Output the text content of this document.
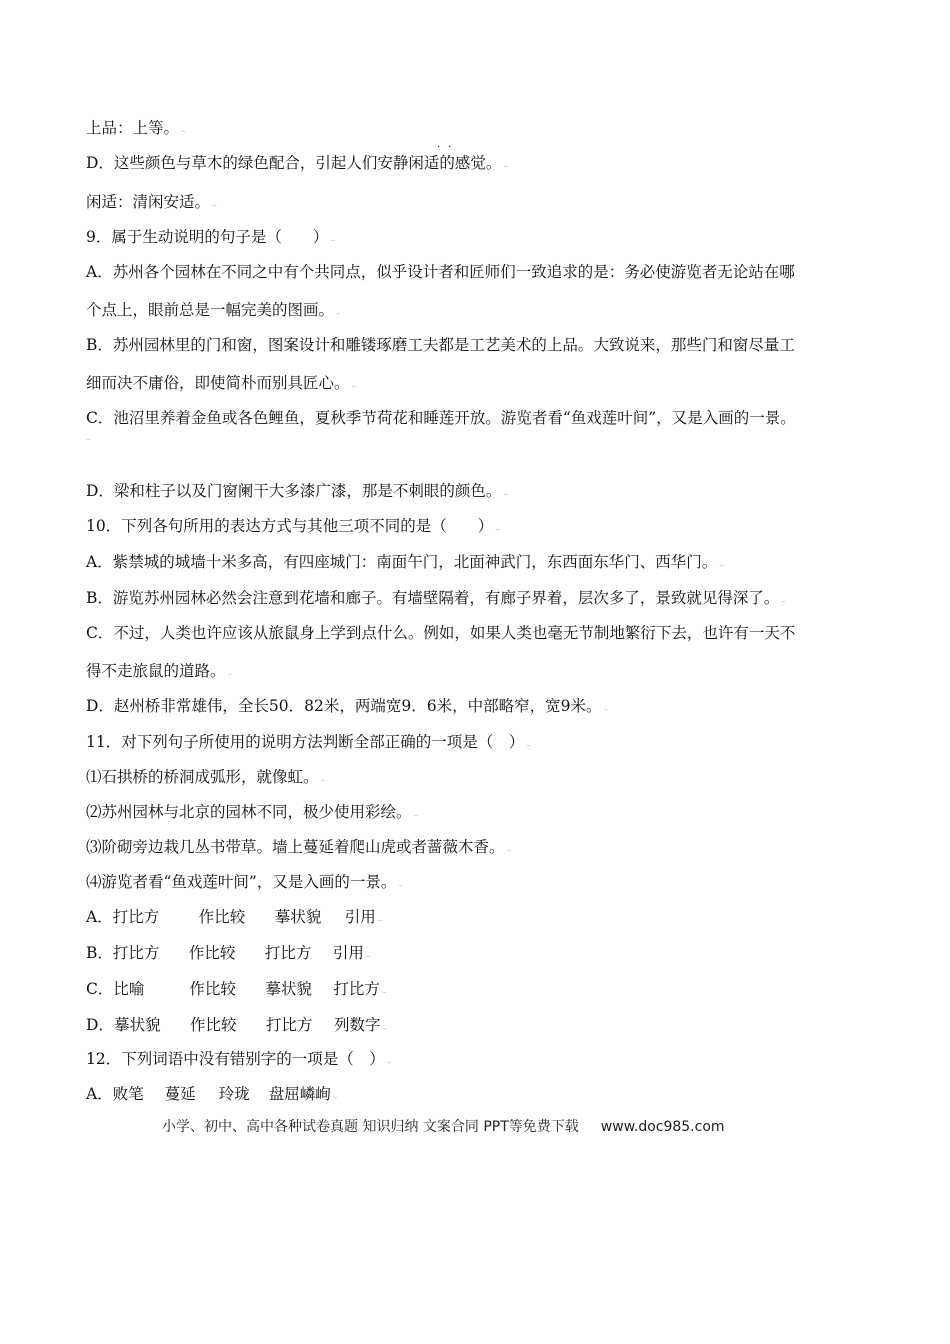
上品：上等。 ₋
··
D．这些颜色与草木的绿色配合，引起人们安静闲适的感觉。 ₋
闲适：清闲安适。 ₋
9．属于生动说明的句子是（　　） ₋
A．苏州各个园林在不同之中有个共同点，似乎设计者和匠师们一致追求的是：务必使游览者无论站在哪
个点上，眼前总是一幅完美的图画。 ₋
B．苏州园林里的门和窗，图案设计和雕镂琢磨工夫都是工艺美术的上品。大致说来，那些门和窗尽量工
细而决不庸俗，即使简朴而别具匠心。 ₋
C．池沼里养着金鱼或各色鲤鱼，夏秋季节荷花和睡莲开放。游览者看“鱼戏莲叶间”，又是入画的一景。
₋
D．梁和柱子以及门窗阑干大多漆广漆，那是不刺眼的颜色。 ₋
10．下列各句所用的表达方式与其他三项不同的是（　　） ₋
A．紫禁城的城墙十米多高，有四座城门：南面午门，北面神武门，东西面东华门、西华门。 ₋
B．游览苏州园林必然会注意到花墙和廊子。有墙壁隔着，有廊子界着，层次多了，景致就见得深了。 ₋
C．不过，人类也许应该从旅鼠身上学到点什么。例如，如果人类也毫无节制地繁衍下去，也许有一天不
得不走旅鼠的道路。 ₋
D．赵州桥非常雄伟，全长50．82米，两端宽9．6米，中部略窄，宽9米。 ₋
11．对下列句子所使用的说明方法判断全部正确的一项是（　） ₋
⑴石拱桥的桥洞成弧形，就像虹。 ₋
⑵苏州园林与北京的园林不同，极少使用彩绘。 ₋
⑶阶砌旁边栽几丛书带草。墙上蔓延着爬山虎或者蔷薇木香。 ₋
⑷游览者看“鱼戏莲叶间”，又是入画的一景。 ₋
A．打比方	作比较 摹状貌 引用 ₋
B．打比方 作比较 打比方 引用 ₋
C．比喻	作比较 摹状貌 打比方 ₋
D．摹状貌 作比较 打比方 列数字 ₋
12．下列词语中没有错别字的一项是（　） ₋
A．败笔 蔓延 玲珑 盘屈嶙峋 ₋
小学、初中、高中各种试卷真题 知识归纳 文案合同 PPT等免费下载 www.doc985.com
